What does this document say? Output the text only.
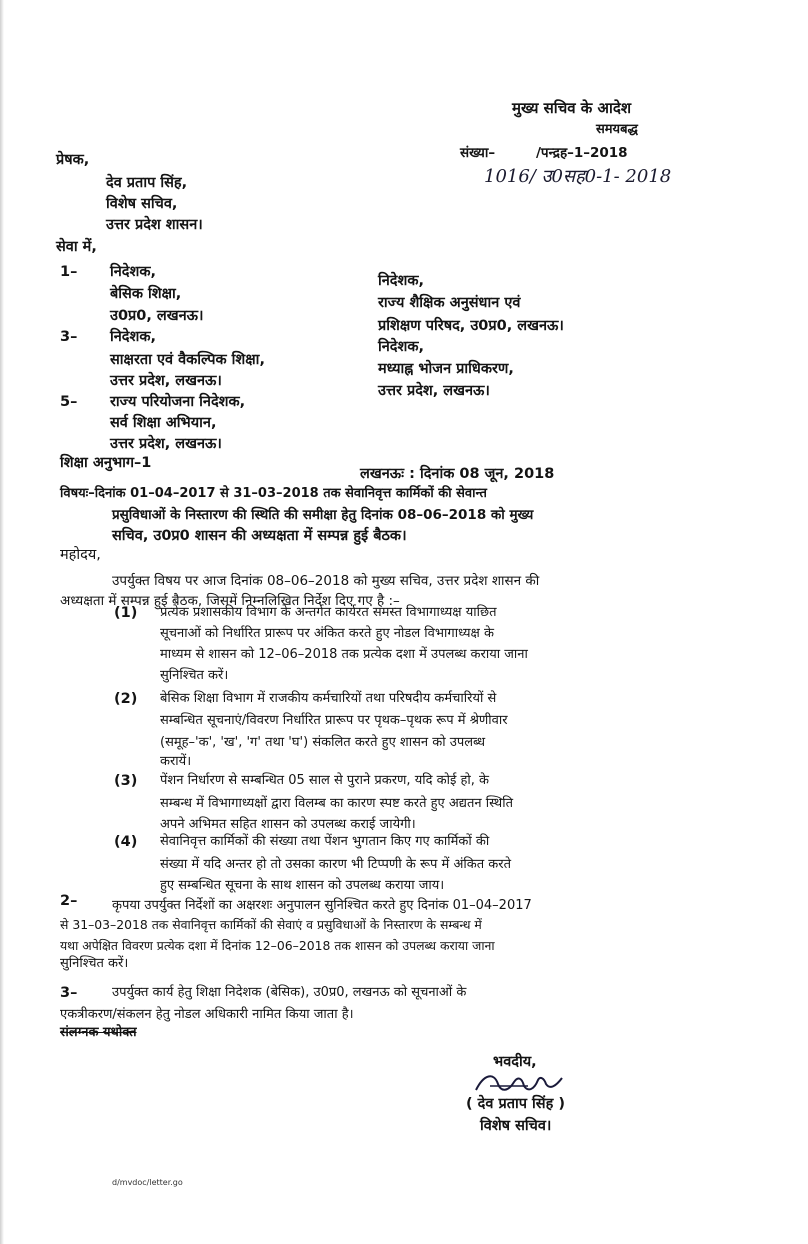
मुख्य सचिव के आदेश
समयबद्ध
संख्या–	/पन्द्रह–1–2018
1016/ उ0सह0-1- 2018
प्रेषक,
देव प्रताप सिंह,
विशेष सचिव,
उत्तर प्रदेश शासन।
सेवा में,
1– निदेशक,
बेसिक शिक्षा,
उ0प्र0, लखनऊ।
3– निदेशक,
साक्षरता एवं वैकल्पिक शिक्षा,
उत्तर प्रदेश, लखनऊ।
5– राज्य परियोजना निदेशक,
सर्व शिक्षा अभियान,
उत्तर प्रदेश, लखनऊ।
निदेशक,
राज्य शैक्षिक अनुसंधान एवं
प्रशिक्षण परिषद, उ0प्र0, लखनऊ।
निदेशक,
मध्याह्न भोजन प्राधिकरण,
उत्तर प्रदेश, लखनऊ।
शिक्षा अनुभाग–1
लखनऊः : दिनांक 08 जून, 2018
विषयः–दिनांक 01–04–2017 से 31–03–2018 तक सेवानिवृत्त कार्मिकों की सेवान्त
प्रसुविधाओं के निस्तारण की स्थिति की समीक्षा हेतु दिनांक 08–06–2018 को मुख्य
सचिव, उ0प्र0 शासन की अध्यक्षता में सम्पन्न हुई बैठक।
महोदय,
उपर्युक्त विषय पर आज दिनांक 08–06–2018 को मुख्य सचिव, उत्तर प्रदेश शासन की
अध्यक्षता में सम्पन्न हुई बैठक, जिसमें निम्नलिखित निर्देश दिए गए है :–
(1) प्रत्येक प्रशासकीय विभाग के अन्तर्गत कार्यरत समस्त विभागाध्यक्ष याछित
सूचनाओं को निर्धारित प्रारूप पर अंकित करते हुए नोडल विभागाध्यक्ष के
माध्यम से शासन को 12–06–2018 तक प्रत्येक दशा में उपलब्ध कराया जाना
सुनिश्चित करें।
(2) बेसिक शिक्षा विभाग में राजकीय कर्मचारियों तथा परिषदीय कर्मचारियों से
सम्बन्धित सूचनाएं/विवरण निर्धारित प्रारूप पर पृथक–पृथक रूप में श्रेणीवार
(समूह–'क', 'ख', 'ग' तथा 'घ') संकलित करते हुए शासन को उपलब्ध
करायें।
(3) पेंशन निर्धारण से सम्बन्धित 05 साल से पुराने प्रकरण, यदि कोई हो, के
सम्बन्ध में विभागाध्यक्षों द्वारा विलम्ब का कारण स्पष्ट करते हुए अद्यतन स्थिति
अपने अभिमत सहित शासन को उपलब्ध कराई जायेगी।
(4) सेवानिवृत्त कार्मिकों की संख्या तथा पेंशन भुगतान किए गए कार्मिकों की
संख्या में यदि अन्तर हो तो उसका कारण भी टिप्पणी के रूप में अंकित करते
हुए सम्बन्धित सूचना के साथ शासन को उपलब्ध कराया जाय।
2–	कृपया उपर्युक्त निर्देशों का अक्षरशः अनुपालन सुनिश्चित करते हुए दिनांक 01–04–2017
से 31–03–2018 तक सेवानिवृत्त कार्मिकों की सेवाएं व प्रसुविधाओं के निस्तारण के सम्बन्ध में
यथा अपेक्षित विवरण प्रत्येक दशा में दिनांक 12–06–2018 तक शासन को उपलब्ध कराया जाना
सुनिश्चित करें।
3–	उपर्युक्त कार्य हेतु शिक्षा निदेशक (बेसिक), उ0प्र0, लखनऊ को सूचनाओं के
एकत्रीकरण/संकलन हेतु नोडल अधिकारी नामित किया जाता है।
संलग्नक यथोक्त
भवदीय,
( देव प्रताप सिंह )
विशेष सचिव।
d/mvdoc/letter.go
